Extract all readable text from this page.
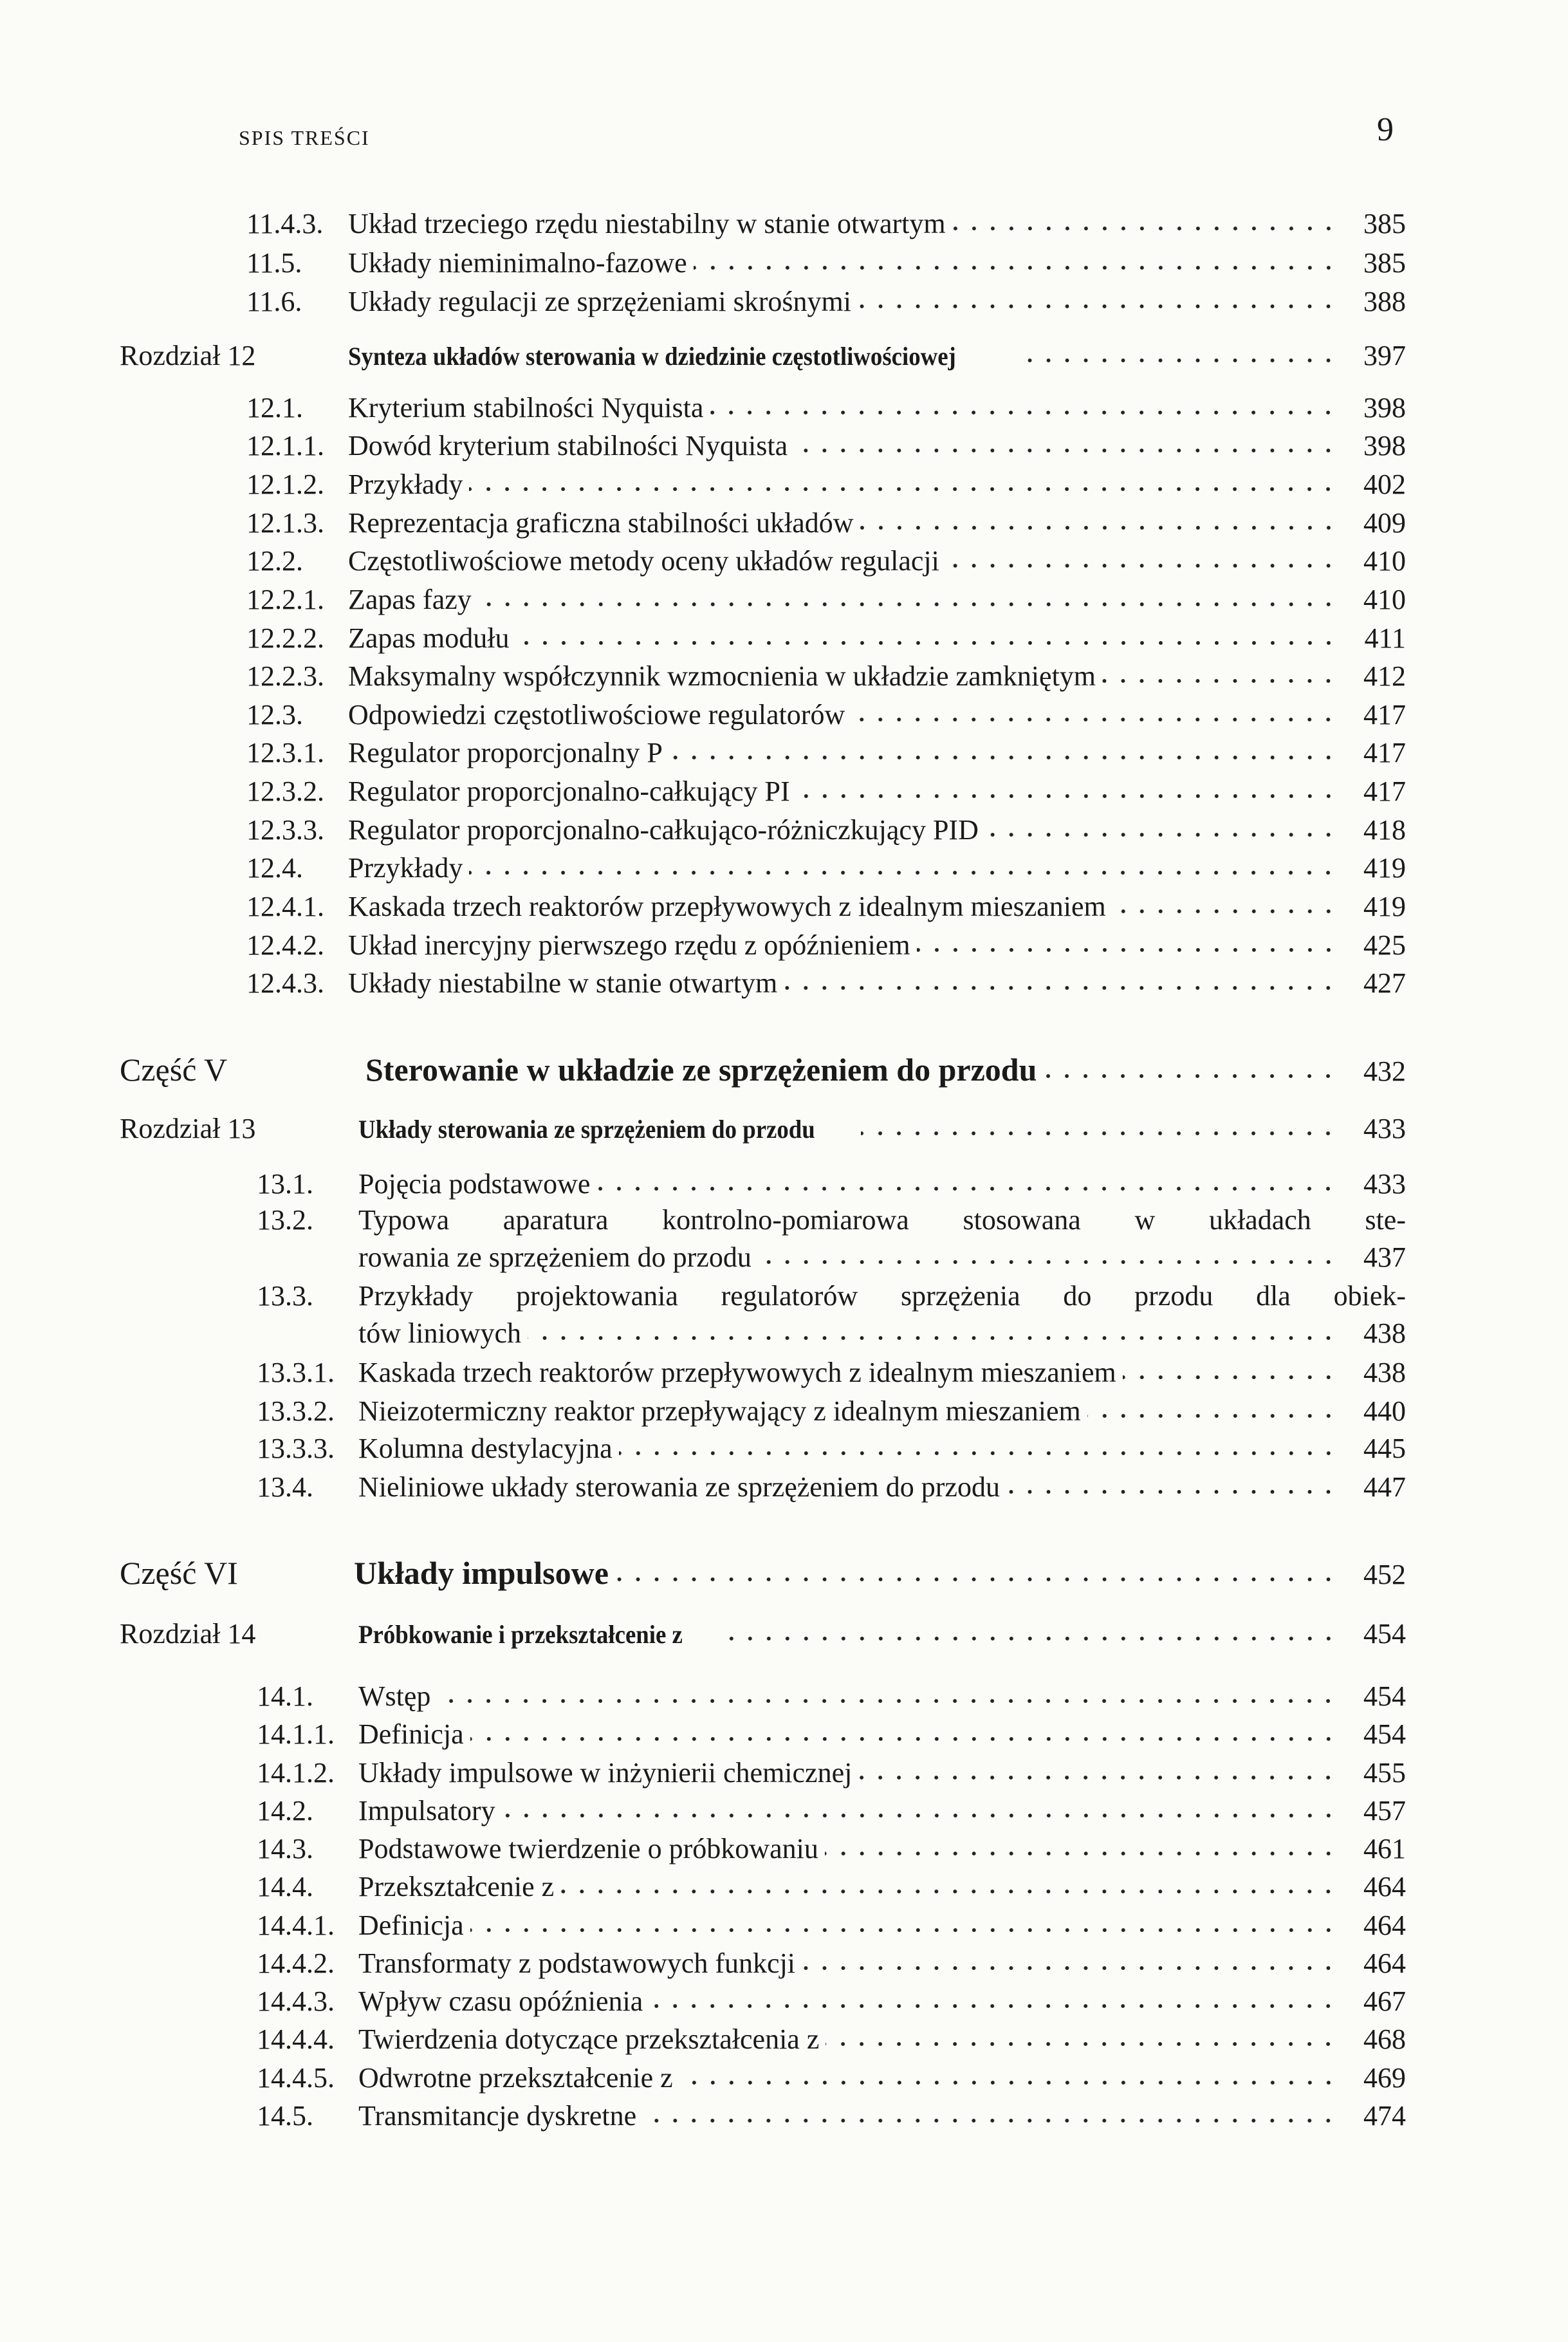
SPIS TREŚCI	9
11.4.3. Układ trzeciego rzędu niestabilny w stanie otwartym	385
11.5. Układy nieminimalno-fazowe	385
11.6. Układy regulacji ze sprzężeniami skrośnymi	388
Rozdział 12	Synteza układów sterowania w dziedzinie częstotliwościowej	397
12.1. Kryterium stabilności Nyquista	398
12.1.1. Dowód kryterium stabilności Nyquista	398
12.1.2. Przykłady	402
12.1.3. Reprezentacja graficzna stabilności układów	409
12.2. Częstotliwościowe metody oceny układów regulacji	410
12.2.1. Zapas fazy	410
12.2.2. Zapas modułu	411
12.2.3. Maksymalny współczynnik wzmocnienia w układzie zamkniętym	412
12.3. Odpowiedzi częstotliwościowe regulatorów	417
12.3.1. Regulator proporcjonalny P	417
12.3.2. Regulator proporcjonalno-całkujący PI	417
12.3.3. Regulator proporcjonalno-całkująco-różniczkujący PID	418
12.4. Przykłady	419
12.4.1. Kaskada trzech reaktorów przepływowych z idealnym mieszaniem	419
12.4.2. Układ inercyjny pierwszego rzędu z opóźnieniem	425
12.4.3. Układy niestabilne w stanie otwartym	427
Część V	Sterowanie w układzie ze sprzężeniem do przodu	432
Rozdział 13	Układy sterowania ze sprzężeniem do przodu	433
13.1. Pojęcia podstawowe	433
13.2. Typowa aparatura kontrolno-pomiarowa stosowana w układach ste-
rowania ze sprzężeniem do przodu	437
13.3. Przykłady projektowania regulatorów sprzężenia do przodu dla obiek-
tów liniowych	438
13.3.1. Kaskada trzech reaktorów przepływowych z idealnym mieszaniem	438
13.3.2. Nieizotermiczny reaktor przepływający z idealnym mieszaniem	440
13.3.3. Kolumna destylacyjna	445
13.4. Nieliniowe układy sterowania ze sprzężeniem do przodu	447
Część VI	Układy impulsowe	452
Rozdział 14	Próbkowanie i przekształcenie z	454
14.1. Wstęp	454
14.1.1. Definicja	454
14.1.2. Układy impulsowe w inżynierii chemicznej	455
14.2. Impulsatory	457
14.3. Podstawowe twierdzenie o próbkowaniu	461
14.4. Przekształcenie z	464
14.4.1. Definicja	464
14.4.2. Transformaty z podstawowych funkcji	464
14.4.3. Wpływ czasu opóźnienia	467
14.4.4. Twierdzenia dotyczące przekształcenia z	468
14.4.5. Odwrotne przekształcenie z	469
14.5. Transmitancje dyskretne	474
